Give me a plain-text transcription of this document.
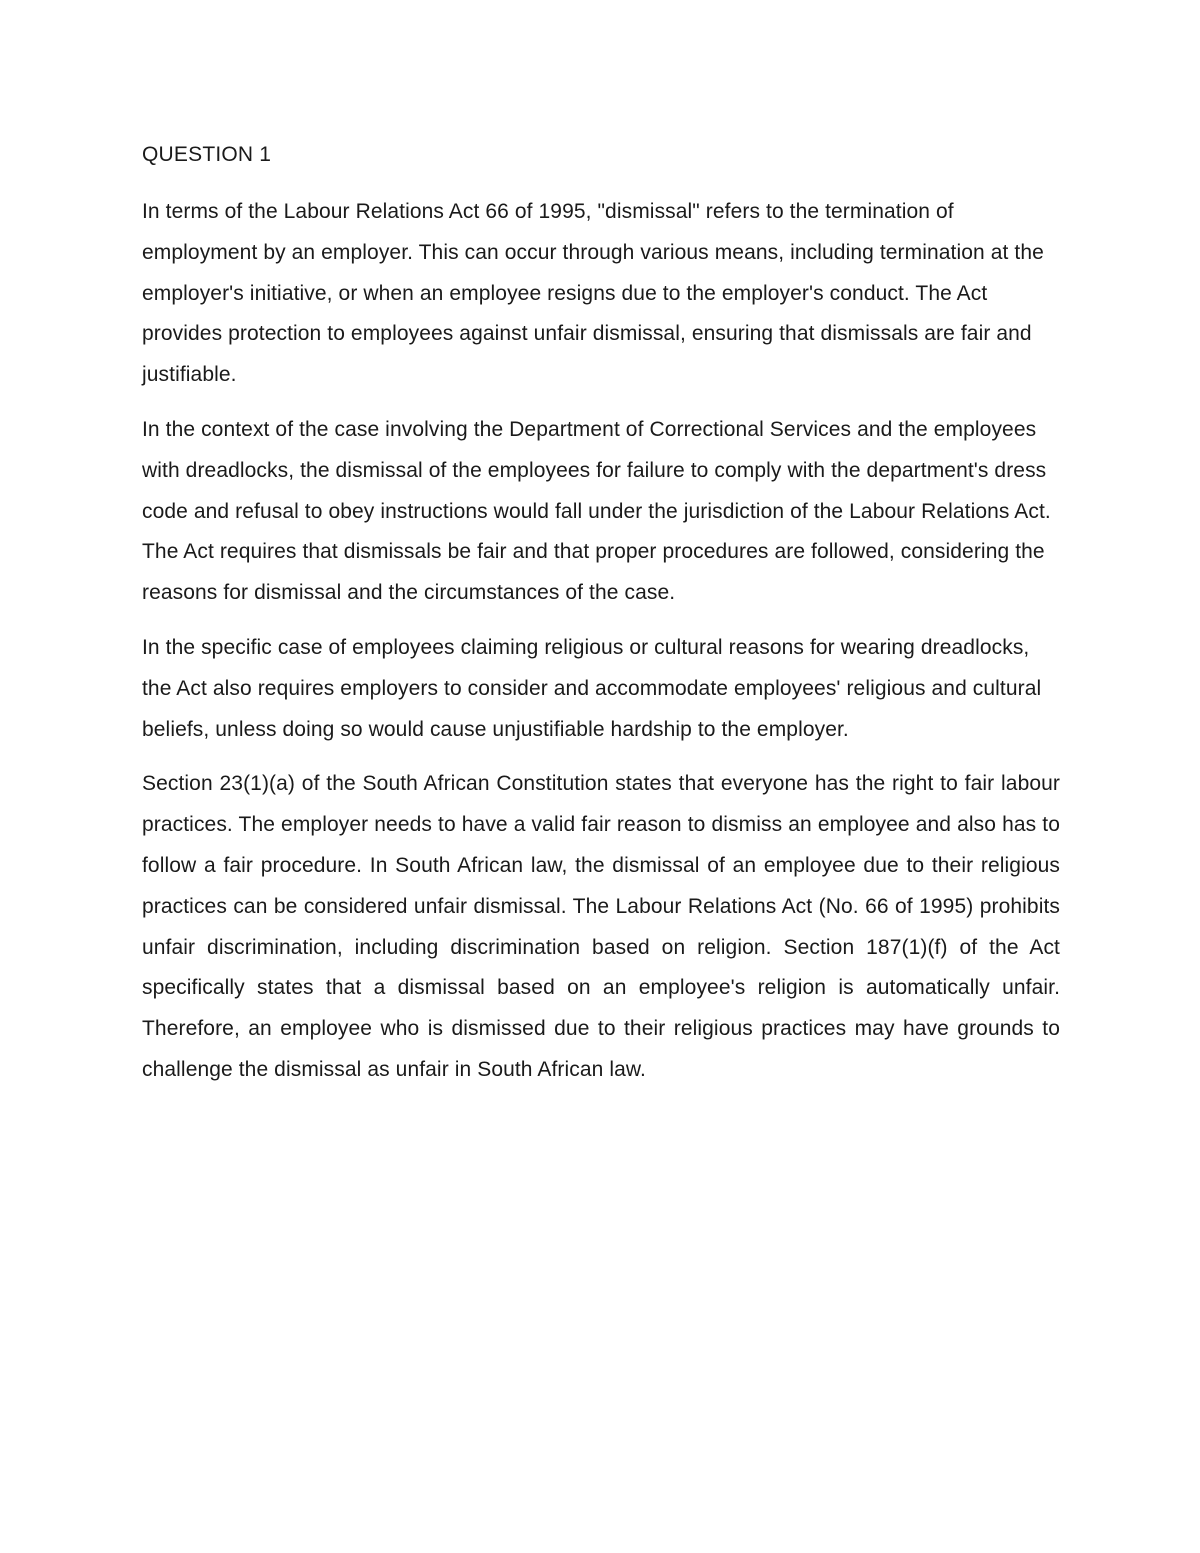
QUESTION 1

In terms of the Labour Relations Act 66 of 1995, "dismissal" refers to the termination of employment by an employer. This can occur through various means, including termination at the employer's initiative, or when an employee resigns due to the employer's conduct. The Act provides protection to employees against unfair dismissal, ensuring that dismissals are fair and justifiable.

In the context of the case involving the Department of Correctional Services and the employees with dreadlocks, the dismissal of the employees for failure to comply with the department's dress code and refusal to obey instructions would fall under the jurisdiction of the Labour Relations Act. The Act requires that dismissals be fair and that proper procedures are followed, considering the reasons for dismissal and the circumstances of the case.

In the specific case of employees claiming religious or cultural reasons for wearing dreadlocks, the Act also requires employers to consider and accommodate employees' religious and cultural beliefs, unless doing so would cause unjustifiable hardship to the employer.

Section 23(1)(a) of the South African Constitution states that everyone has the right to fair labour practices. The employer needs to have a valid fair reason to dismiss an employee and also has to follow a fair procedure. In South African law, the dismissal of an employee due to their religious practices can be considered unfair dismissal. The Labour Relations Act (No. 66 of 1995) prohibits unfair discrimination, including discrimination based on religion. Section 187(1)(f) of the Act specifically states that a dismissal based on an employee's religion is automatically unfair. Therefore, an employee who is dismissed due to their religious practices may have grounds to challenge the dismissal as unfair in South African law.
